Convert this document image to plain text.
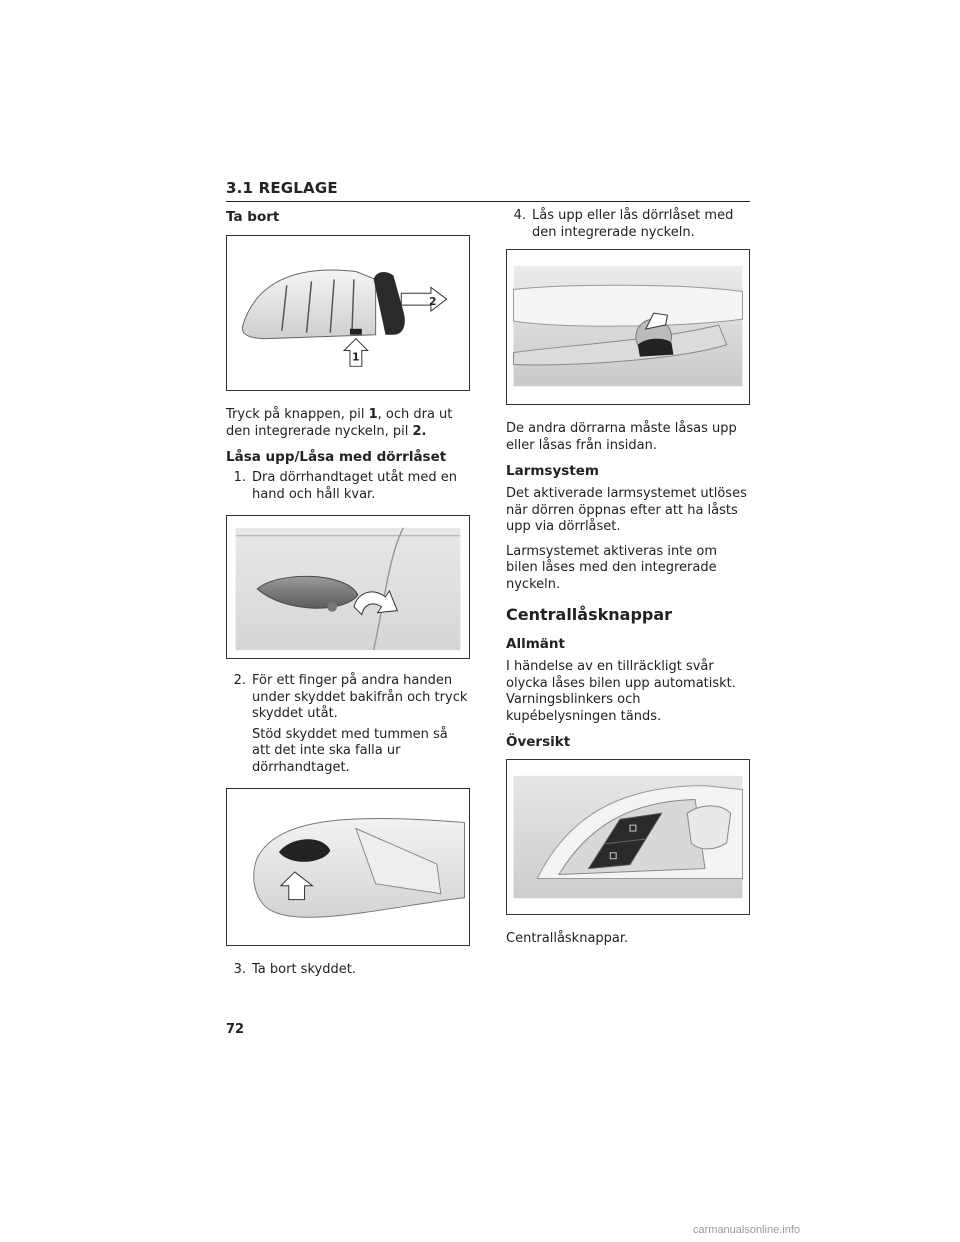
3.1 REGLAGE

Ta bort

2
1

Tryck på knappen, pil 1, och dra ut den integrerade nyckeln, pil 2.

Låsa upp/Låsa med dörrlåset

1. Dra dörrhandtaget utåt med en hand och håll kvar.
2. För ett finger på andra handen under skyddet bakifrån och tryck skyddet utåt.

Stöd skyddet med tummen så att det inte ska falla ur dörrhandtaget.

3. Ta bort skyddet.
4. Lås upp eller lås dörrlåset med den integrerade nyckeln.

De andra dörrarna måste låsas upp eller låsas från insidan.

Larmsystem

Det aktiverade larmsystemet utlöses när dörren öppnas efter att ha låsts upp via dörrlåset.

Larmsystemet aktiveras inte om bilen låses med den integrerade nyckeln.

Centrallåsknappar

Allmänt

I händelse av en tillräckligt svår olycka låses bilen upp automatiskt. Varningsblinkers och kupébelysningen tänds.

Översikt

Centrallåsknappar.

72
carmanualsonline.info
